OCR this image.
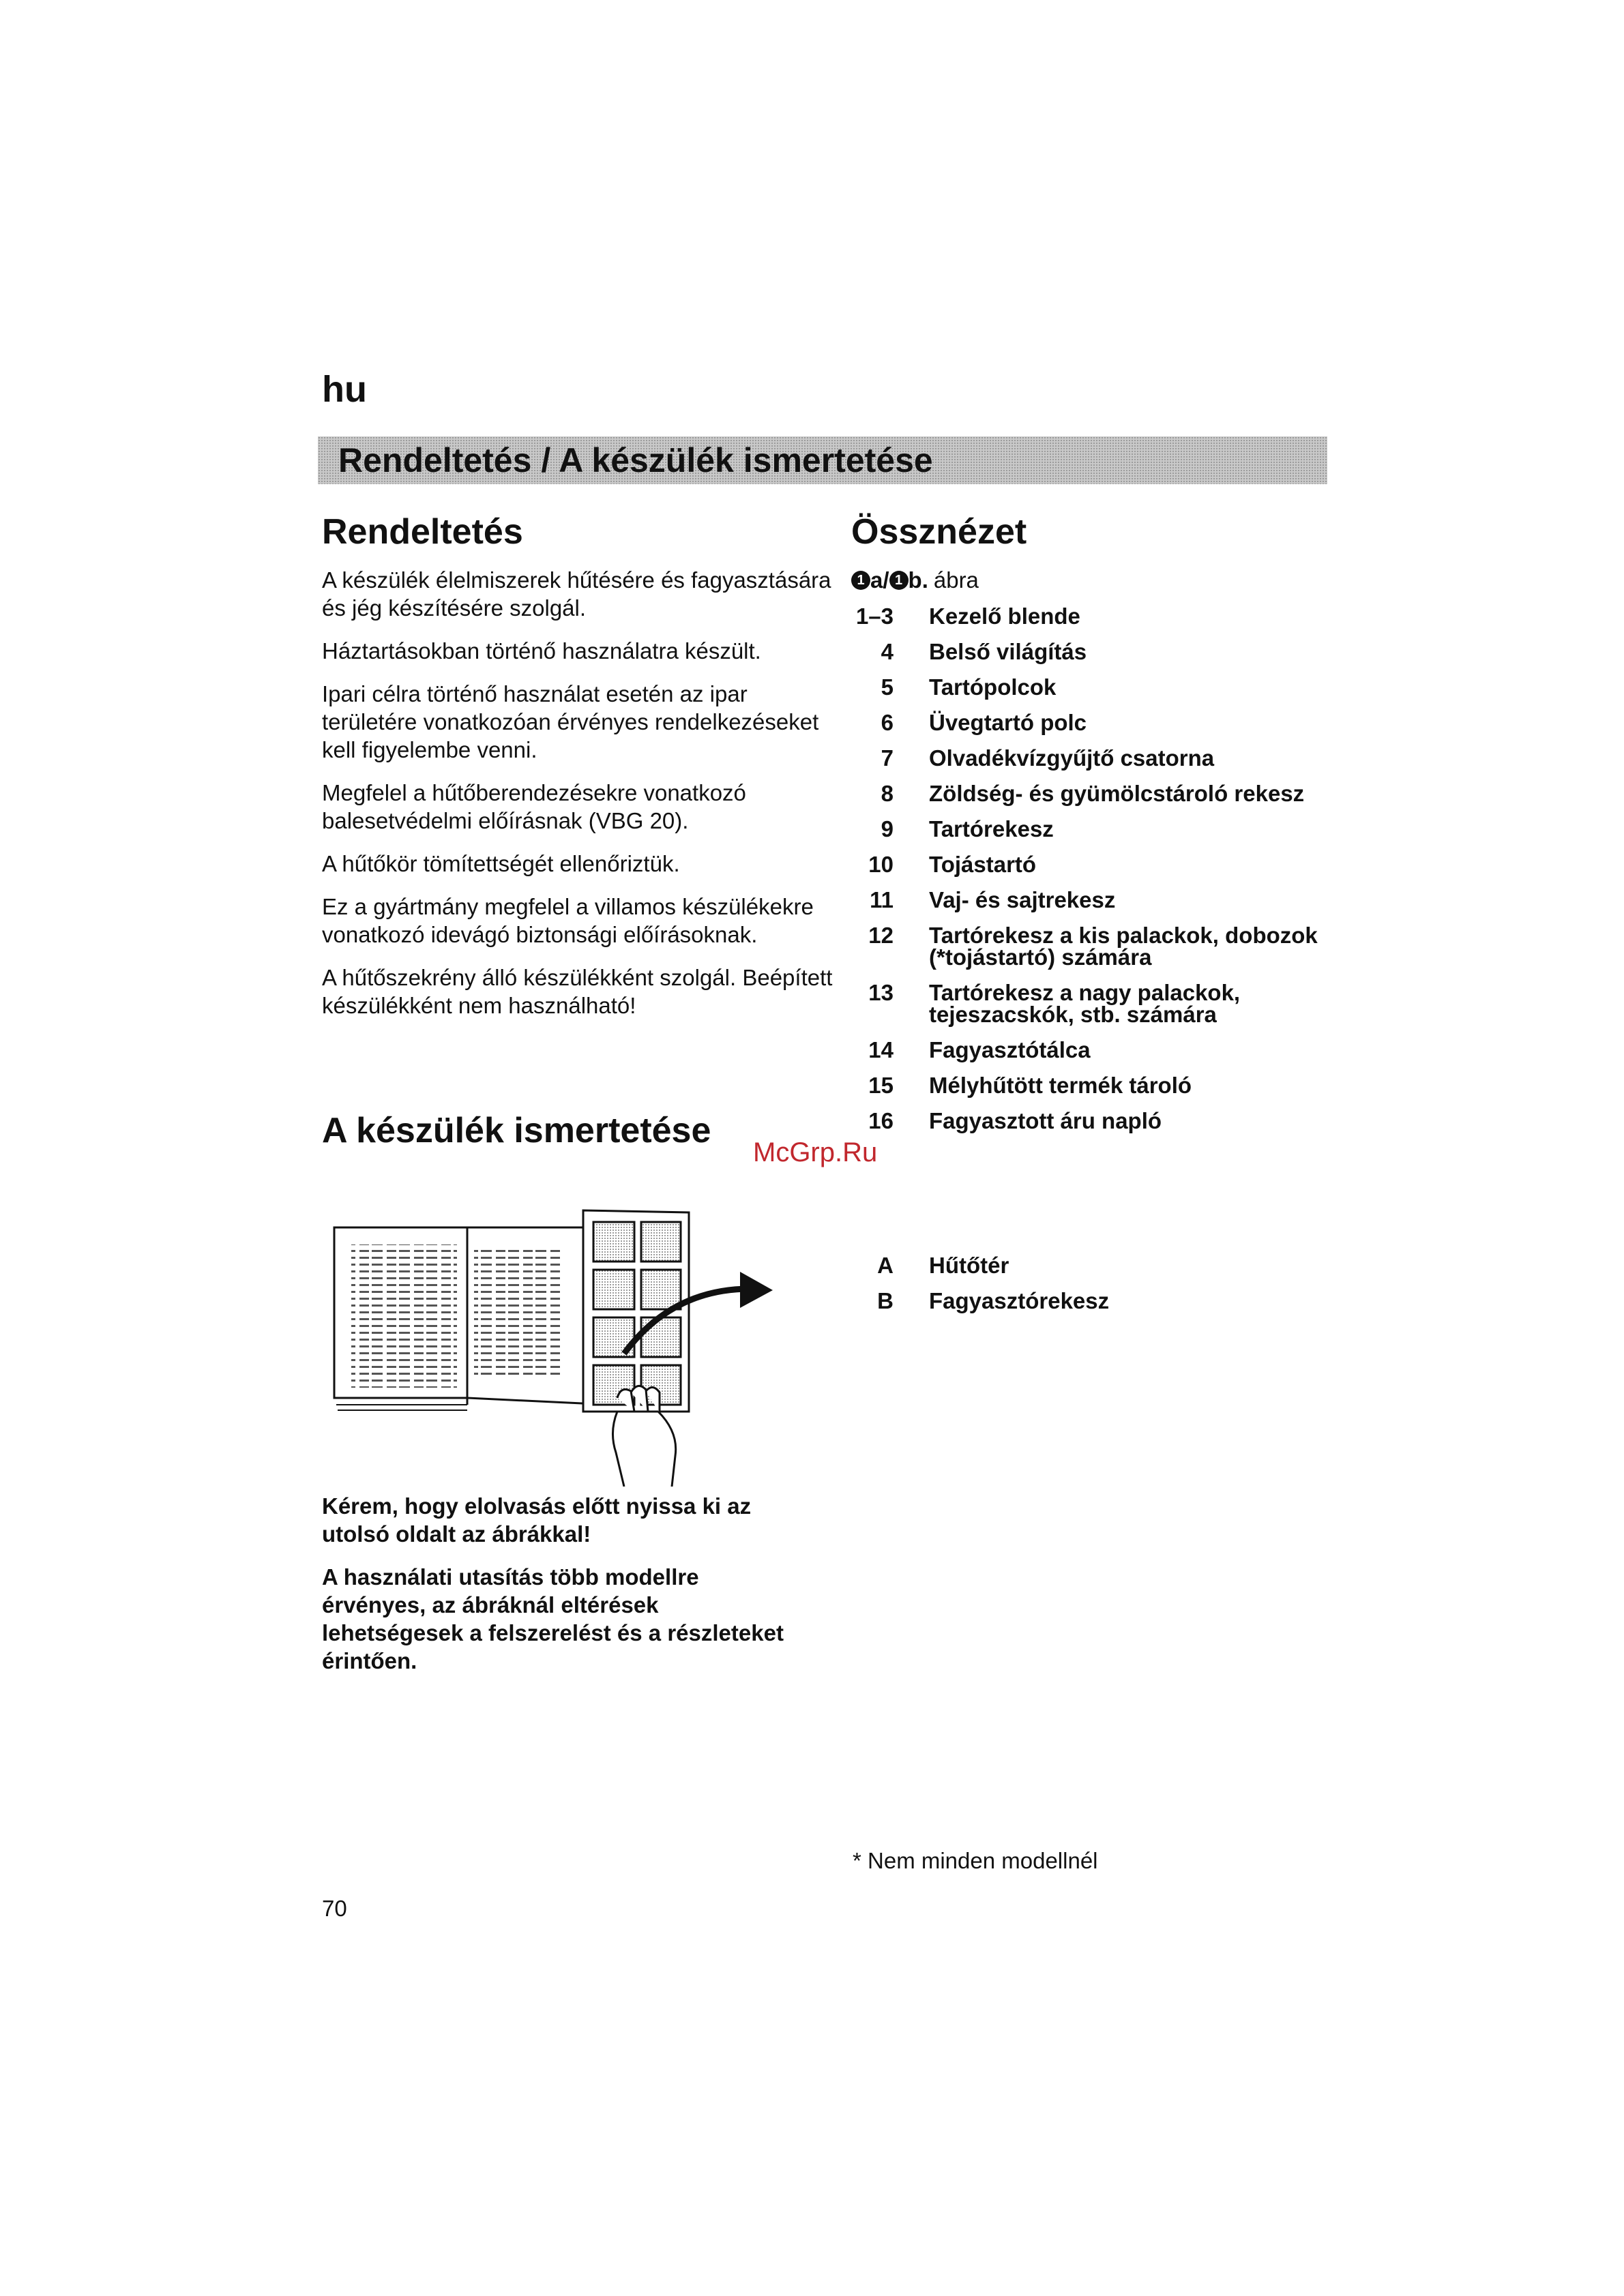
hu
Rendeltetés / A készülék ismertetése
Rendeltetés

A készülék élelmiszerek hűtésére és fagyasztására és jég készítésére szolgál.

Háztartásokban történő használatra készült.

Ipari célra történő használat esetén az ipar területére vonatkozóan érvényes rendelkezéseket kell figyelembe venni.

Megfelel a hűtőberendezésekre vonatkozó balesetvédelmi előírásnak (VBG 20).

A hűtőkör tömítettségét ellenőriztük.

Ez a gyártmány megfelel a villamos készülékekre vonatkozó idevágó biztonsági előírásoknak.

A hűtőszekrény álló készülékként szolgál. Beépített készülékként nem használható!

A készülék ismertetése
McGrp.Ru

Kérem, hogy elolvasás előtt nyissa ki az utolsó oldalt az ábrákkal!

A használati utasítás több modellre érvényes, az ábráknál eltérések lehetségesek a felszerelést és a részleteket érintően.

Össznézet
1 a / 1 b. ábra
1–3 Kezelő blende
4 Belső világítás
5 Tartópolcok
6 Üvegtartó polc
7 Olvadékvízgyűjtő csatorna
8 Zöldség- és gyümölcstároló rekesz
9 Tartórekesz
10 Tojástartó
11 Vaj- és sajtrekesz
12 Tartórekesz a kis palackok, dobozok (*tojástartó) számára
13 Tartórekesz a nagy palackok, tejeszacskók, stb. számára
14 Fagyasztótálca
15 Mélyhűtött termék tároló
16 Fagyasztott áru napló
A Hűtőtér
B Fagyasztórekesz
* Nem minden modellnél
70
